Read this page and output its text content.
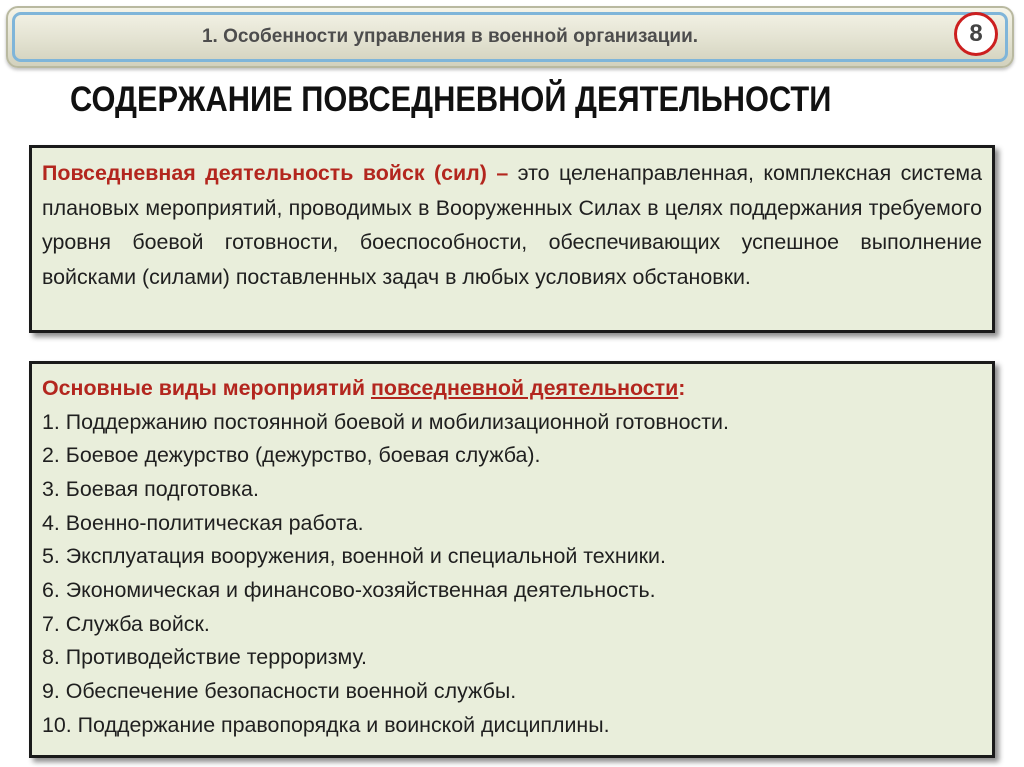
1. Особенности управления в военной организации.	8
СОДЕРЖАНИЕ ПОВСЕДНЕВНОЙ ДЕЯТЕЛЬНОСТИ
Повседневная деятельность войск (сил) – это целенаправленная, комплексная система плановых мероприятий, проводимых в Вооруженных Силах в целях поддержания требуемого уровня боевой готовности, боеспособности, обеспечивающих успешное выполнение войсками (силами) поставленных задач в любых условиях обстановки.
Основные виды мероприятий повседневной деятельности:
1. Поддержанию постоянной боевой и мобилизационной готовности.
2. Боевое дежурство (дежурство, боевая служба).
3. Боевая подготовка.
4. Военно-политическая работа.
5. Эксплуатация вооружения, военной и специальной техники.
6. Экономическая и финансово-хозяйственная деятельность.
7. Служба войск.
8. Противодействие терроризму.
9. Обеспечение безопасности военной службы.
10. Поддержание правопорядка и воинской дисциплины.
